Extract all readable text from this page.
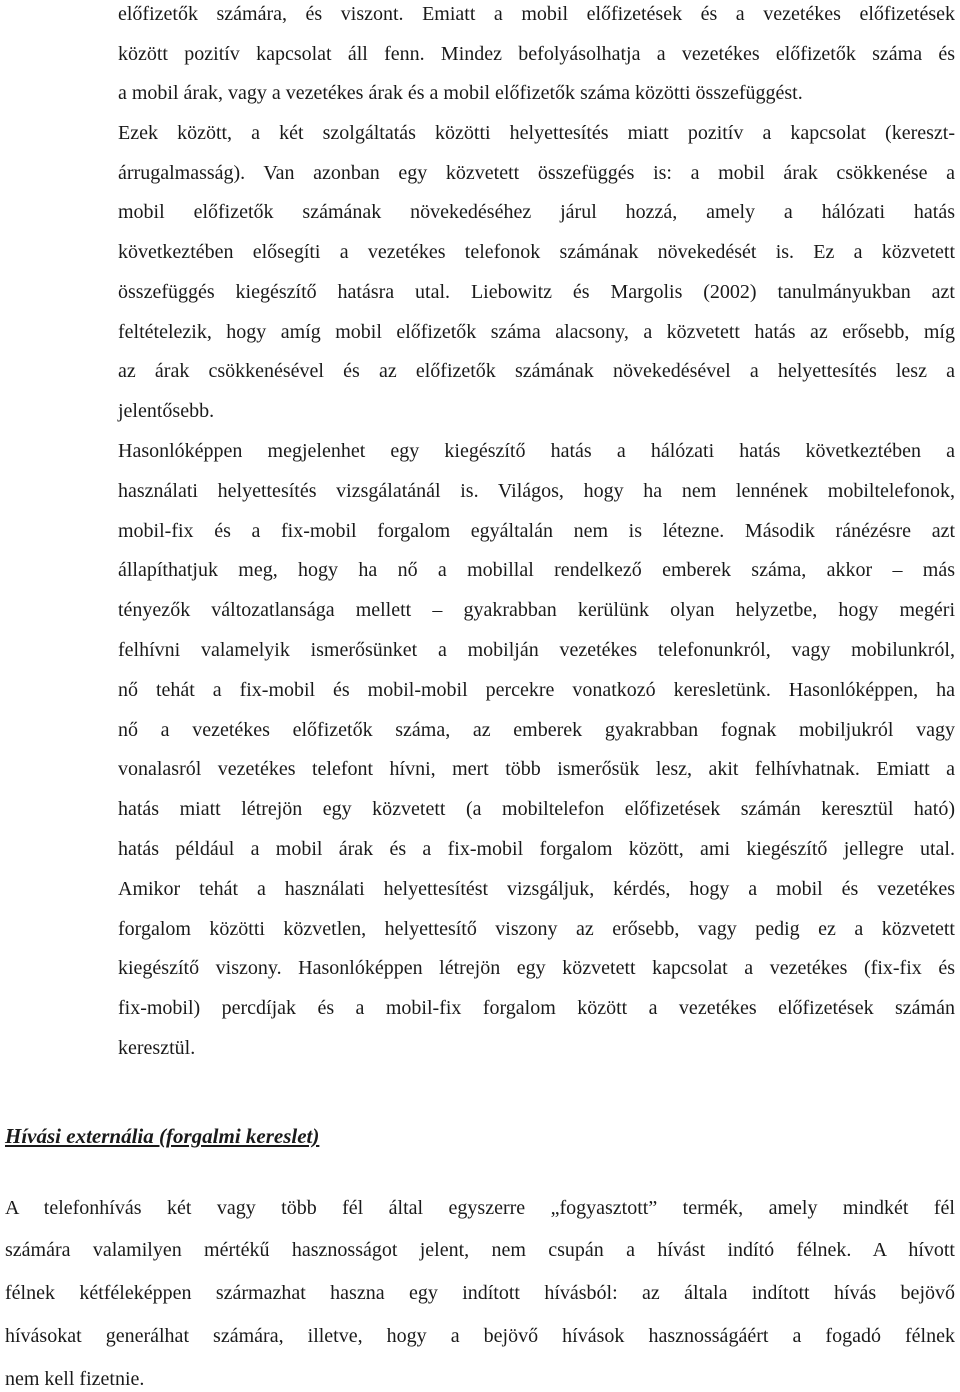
előfizetők számára, és viszont. Emiatt a mobil előfizetések és a vezetékes előfizetések
között pozitív kapcsolat áll fenn. Mindez befolyásolhatja a vezetékes előfizetők száma és
a mobil árak, vagy a vezetékes árak és a mobil előfizetők száma közötti összefüggést.
Ezek között, a két szolgáltatás közötti helyettesítés miatt pozitív a kapcsolat (kereszt-
árrugalmasság). Van azonban egy közvetett összefüggés is: a mobil árak csökkenése a
mobil előfizetők számának növekedéséhez járul hozzá, amely a hálózati hatás
következtében elősegíti a vezetékes telefonok számának növekedését is. Ez a közvetett
összefüggés kiegészítő hatásra utal. Liebowitz és Margolis (2002) tanulmányukban azt
feltételezik, hogy amíg mobil előfizetők száma alacsony, a közvetett hatás az erősebb, míg
az árak csökkenésével és az előfizetők számának növekedésével a helyettesítés lesz a
jelentősebb.
Hasonlóképpen megjelenhet egy kiegészítő hatás a hálózati hatás következtében a
használati helyettesítés vizsgálatánál is. Világos, hogy ha nem lennének mobiltelefonok,
mobil-fix és a fix-mobil forgalom egyáltalán nem is létezne. Második ránézésre azt
állapíthatjuk meg, hogy ha nő a mobillal rendelkező emberek száma, akkor – más
tényezők változatlansága mellett – gyakrabban kerülünk olyan helyzetbe, hogy megéri
felhívni valamelyik ismerősünket a mobilján vezetékes telefonunkról, vagy mobilunkról,
nő tehát a fix-mobil és mobil-mobil percekre vonatkozó keresletünk. Hasonlóképpen, ha
nő a vezetékes előfizetők száma, az emberek gyakrabban fognak mobiljukról vagy
vonalasról vezetékes telefont hívni, mert több ismerősük lesz, akit felhívhatnak. Emiatt a
hatás miatt létrejön egy közvetett (a mobiltelefon előfizetések számán keresztül ható)
hatás például a mobil árak és a fix-mobil forgalom között, ami kiegészítő jellegre utal.
Amikor tehát a használati helyettesítést vizsgáljuk, kérdés, hogy a mobil és vezetékes
forgalom közötti közvetlen, helyettesítő viszony az erősebb, vagy pedig ez a közvetett
kiegészítő viszony. Hasonlóképpen létrejön egy közvetett kapcsolat a vezetékes (fix-fix és
fix-mobil) percdíjak és a mobil-fix forgalom között a vezetékes előfizetések számán
keresztül.
Hívási externália (forgalmi kereslet)
A telefonhívás két vagy több fél által egyszerre „fogyasztott” termék, amely mindkét fél
számára valamilyen mértékű hasznosságot jelent, nem csupán a hívást indító félnek. A hívott
félnek kétféleképpen származhat haszna egy indított hívásból: az általa indított hívás bejövő
hívásokat generálhat számára, illetve, hogy a bejövő hívások hasznosságáért a fogadó félnek
nem kell fizetnie.
